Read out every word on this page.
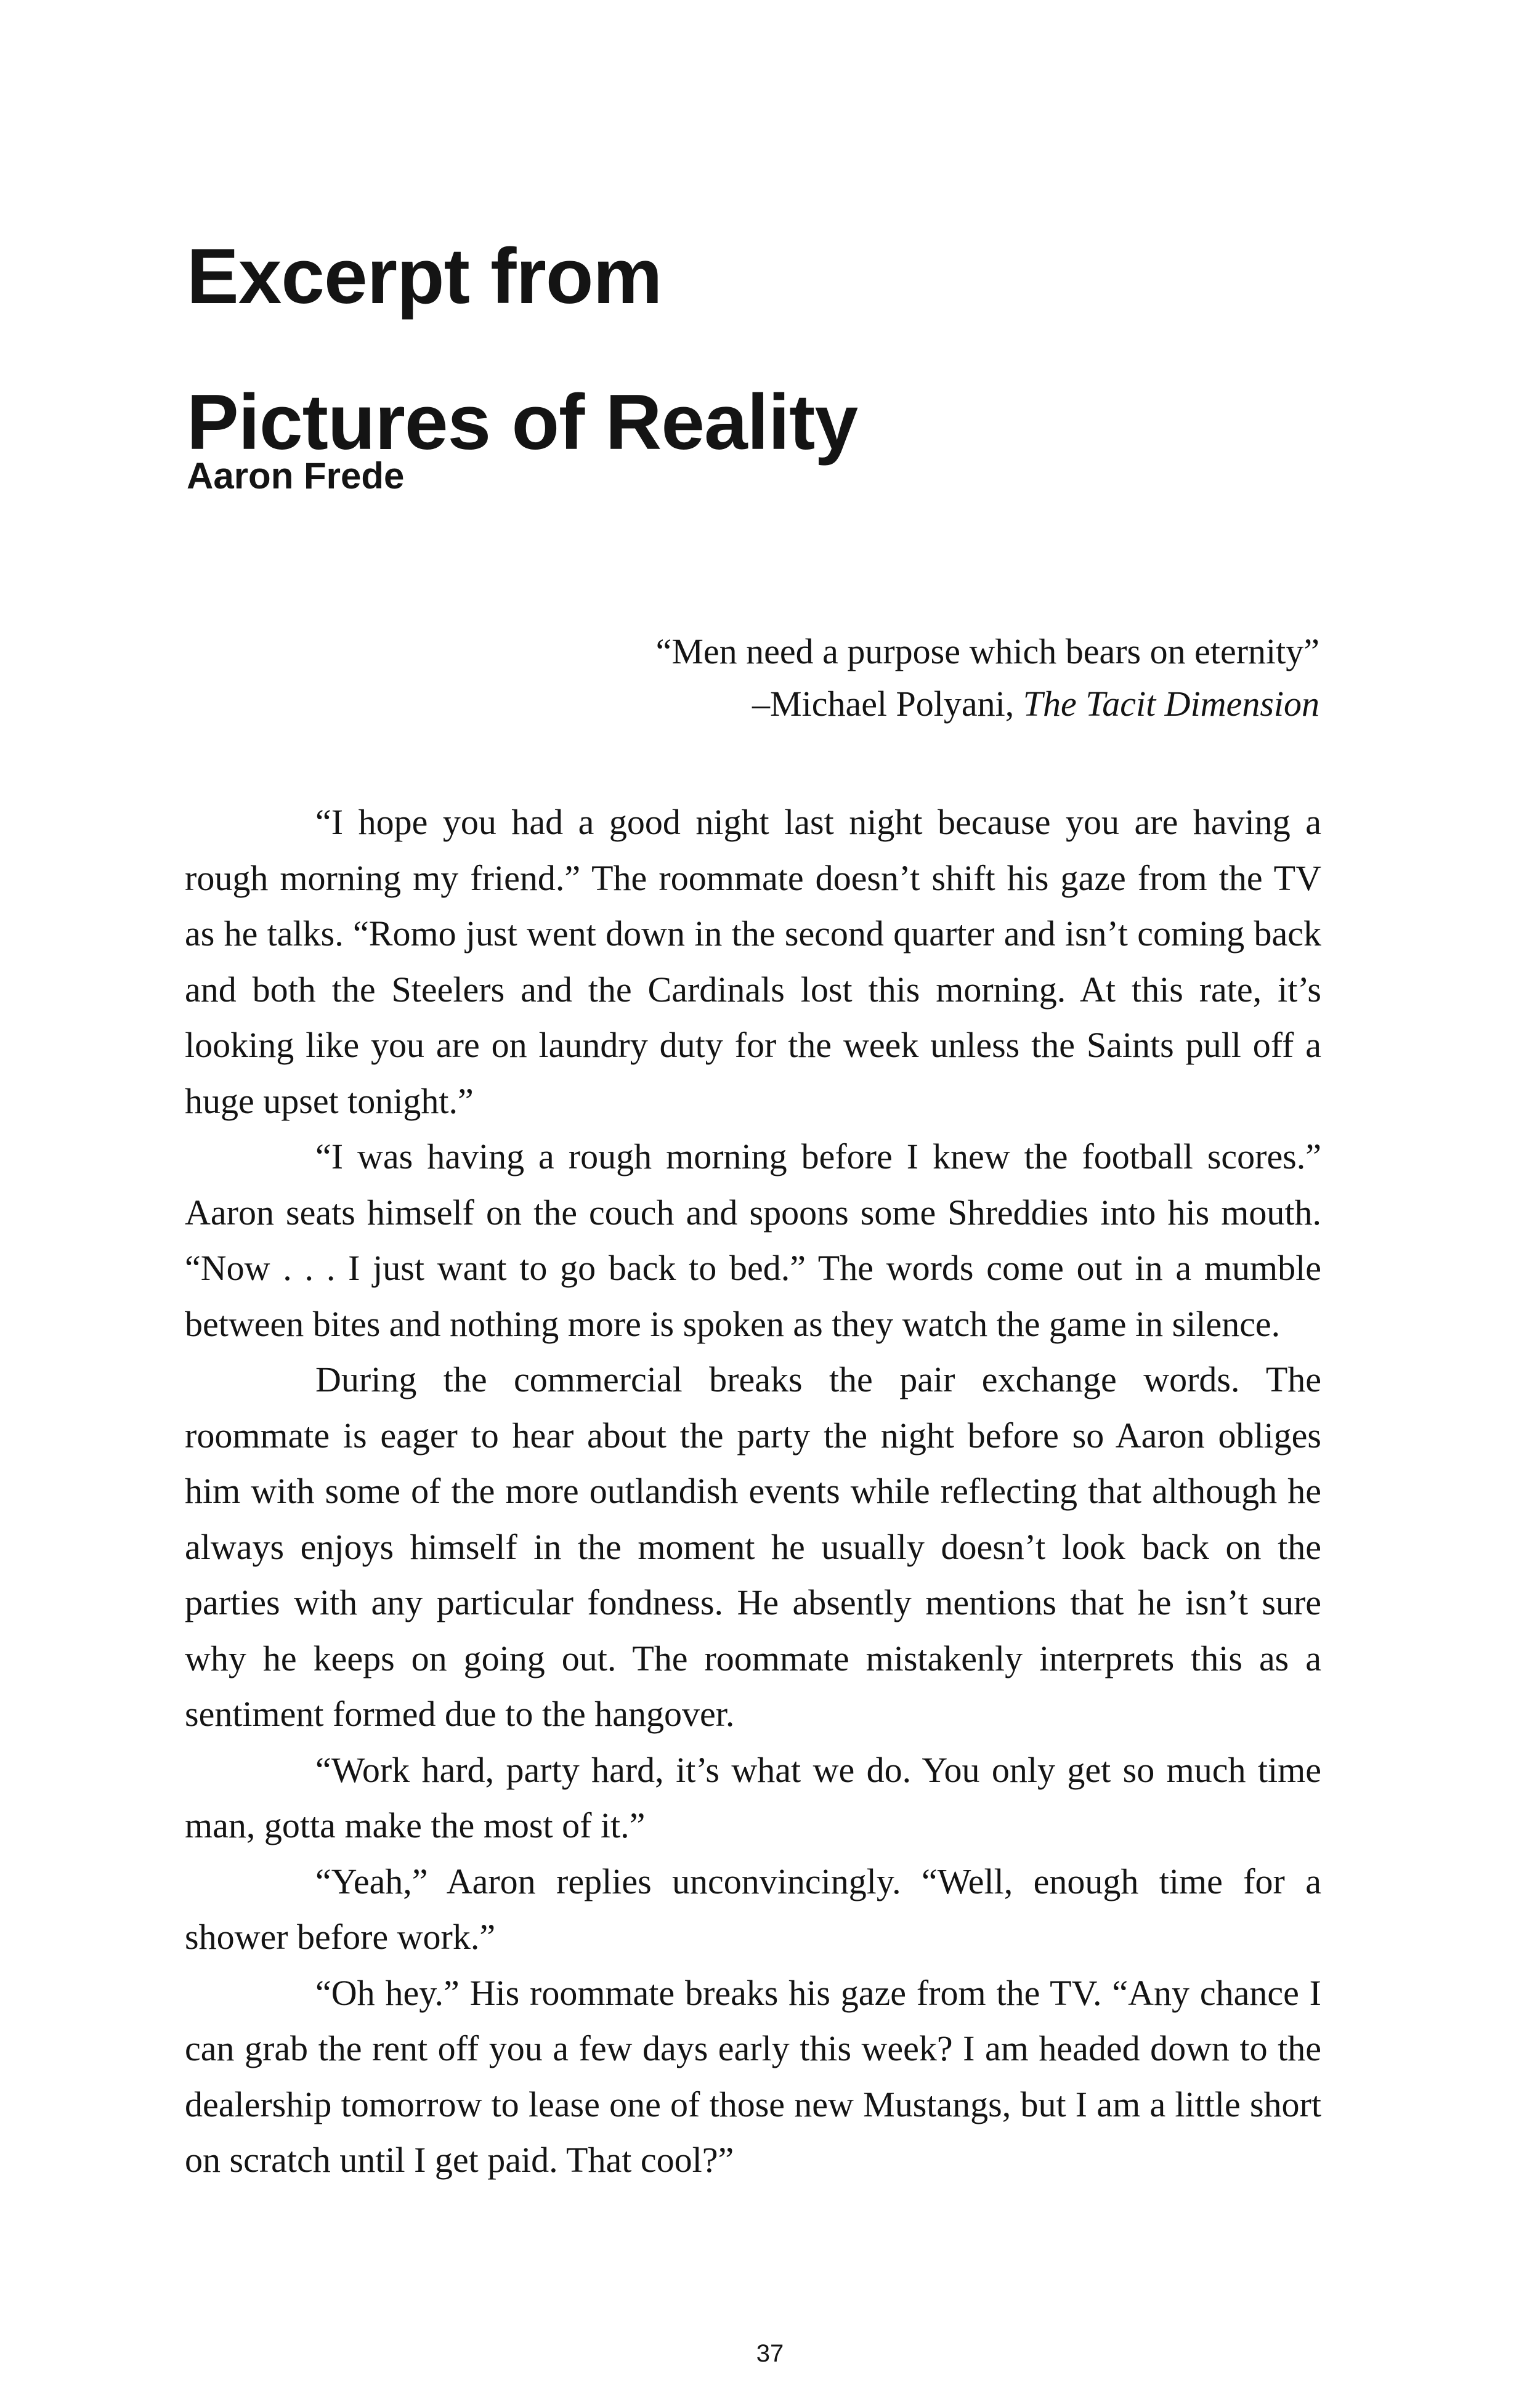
Excerpt from
Pictures of Reality
Aaron Frede
“Men need a purpose which bears on eternity”
–Michael Polyani, The Tacit Dimension

“I hope you had a good night last night because you are having a rough morning my friend.” The roommate doesn’t shift his gaze from the TV as he talks. “Romo just went down in the second quarter and isn’t coming back and both the Steelers and the Cardinals lost this morning. At this rate, it’s looking like you are on laundry duty for the week unless the Saints pull off a huge upset tonight.”

“I was having a rough morning before I knew the football scores.” Aaron seats himself on the couch and spoons some Shreddies into his mouth. “Now . . . I just want to go back to bed.” The words come out in a mumble between bites and nothing more is spoken as they watch the game in silence.

During the commercial breaks the pair exchange words. The roommate is eager to hear about the party the night before so Aaron obliges him with some of the more outlandish events while reflecting that although he always enjoys himself in the moment he usually doesn’t look back on the parties with any particular fondness. He absently mentions that he isn’t sure why he keeps on going out. The roommate mistakenly interprets this as a sentiment formed due to the hangover.

“Work hard, party hard, it’s what we do. You only get so much time man, gotta make the most of it.”

“Yeah,” Aaron replies unconvincingly. “Well, enough time for a shower before work.”

“Oh hey.” His roommate breaks his gaze from the TV. “Any chance I can grab the rent off you a few days early this week? I am headed down to the dealership tomorrow to lease one of those new Mustangs, but I am a little short on scratch until I get paid. That cool?”

37
